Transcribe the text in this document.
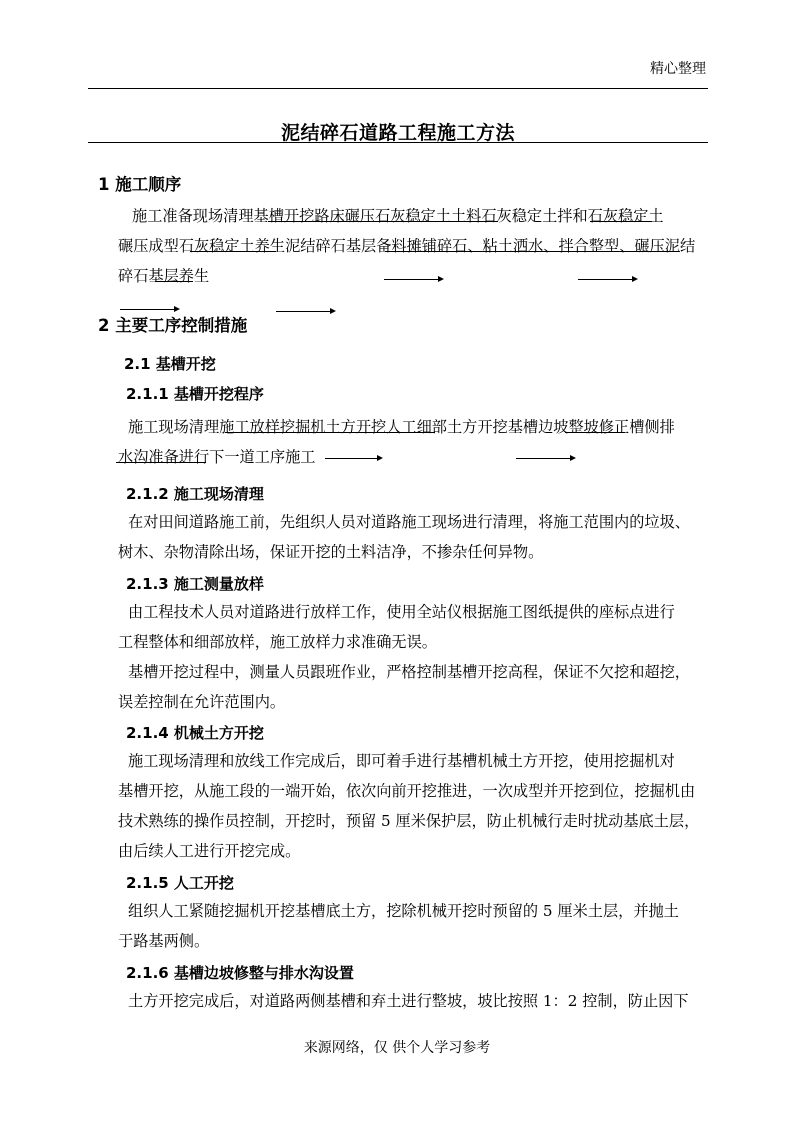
精心整理
泥结碎石道路工程施工方法
1 施工顺序
施工准备现场清理基槽开挖路床碾压石灰稳定土土料石灰稳定土拌和石灰稳定土
碾压成型石灰稳定土养生泥结碎石基层备料摊铺碎石、粘土洒水、拌合整型、碾压泥结
碎石基层养生
2 主要工序控制措施
2.1 基槽开挖
2.1.1 基槽开挖程序
施工现场清理施工放样挖掘机土方开挖人工细部土方开挖基槽边坡整坡修正槽侧排
水沟准备进行下一道工序施工
2.1.2 施工现场清理
在对田间道路施工前，先组织人员对道路施工现场进行清理，将施工范围内的垃圾、
树木、杂物清除出场，保证开挖的土料洁净，不掺杂任何异物。
2.1.3 施工测量放样
由工程技术人员对道路进行放样工作，使用全站仪根据施工图纸提供的座标点进行
工程整体和细部放样，施工放样力求准确无误。
基槽开挖过程中，测量人员跟班作业，严格控制基槽开挖高程，保证不欠挖和超挖，
误差控制在允许范围内。
2.1.4 机械土方开挖
施工现场清理和放线工作完成后，即可着手进行基槽机械土方开挖，使用挖掘机对
基槽开挖，从施工段的一端开始，依次向前开挖推进，一次成型并开挖到位，挖掘机由
技术熟练的操作员控制，开挖时，预留 5 厘米保护层，防止机械行走时扰动基底土层，
由后续人工进行开挖完成。
2.1.5 人工开挖
组织人工紧随挖掘机开挖基槽底土方，挖除机械开挖时预留的 5 厘米土层，并抛土
于路基两侧。
2.1.6 基槽边坡修整与排水沟设置
土方开挖完成后，对道路两侧基槽和弃土进行整坡，坡比按照 1：2 控制，防止因下
来源网络，仅 供个人学习参考
